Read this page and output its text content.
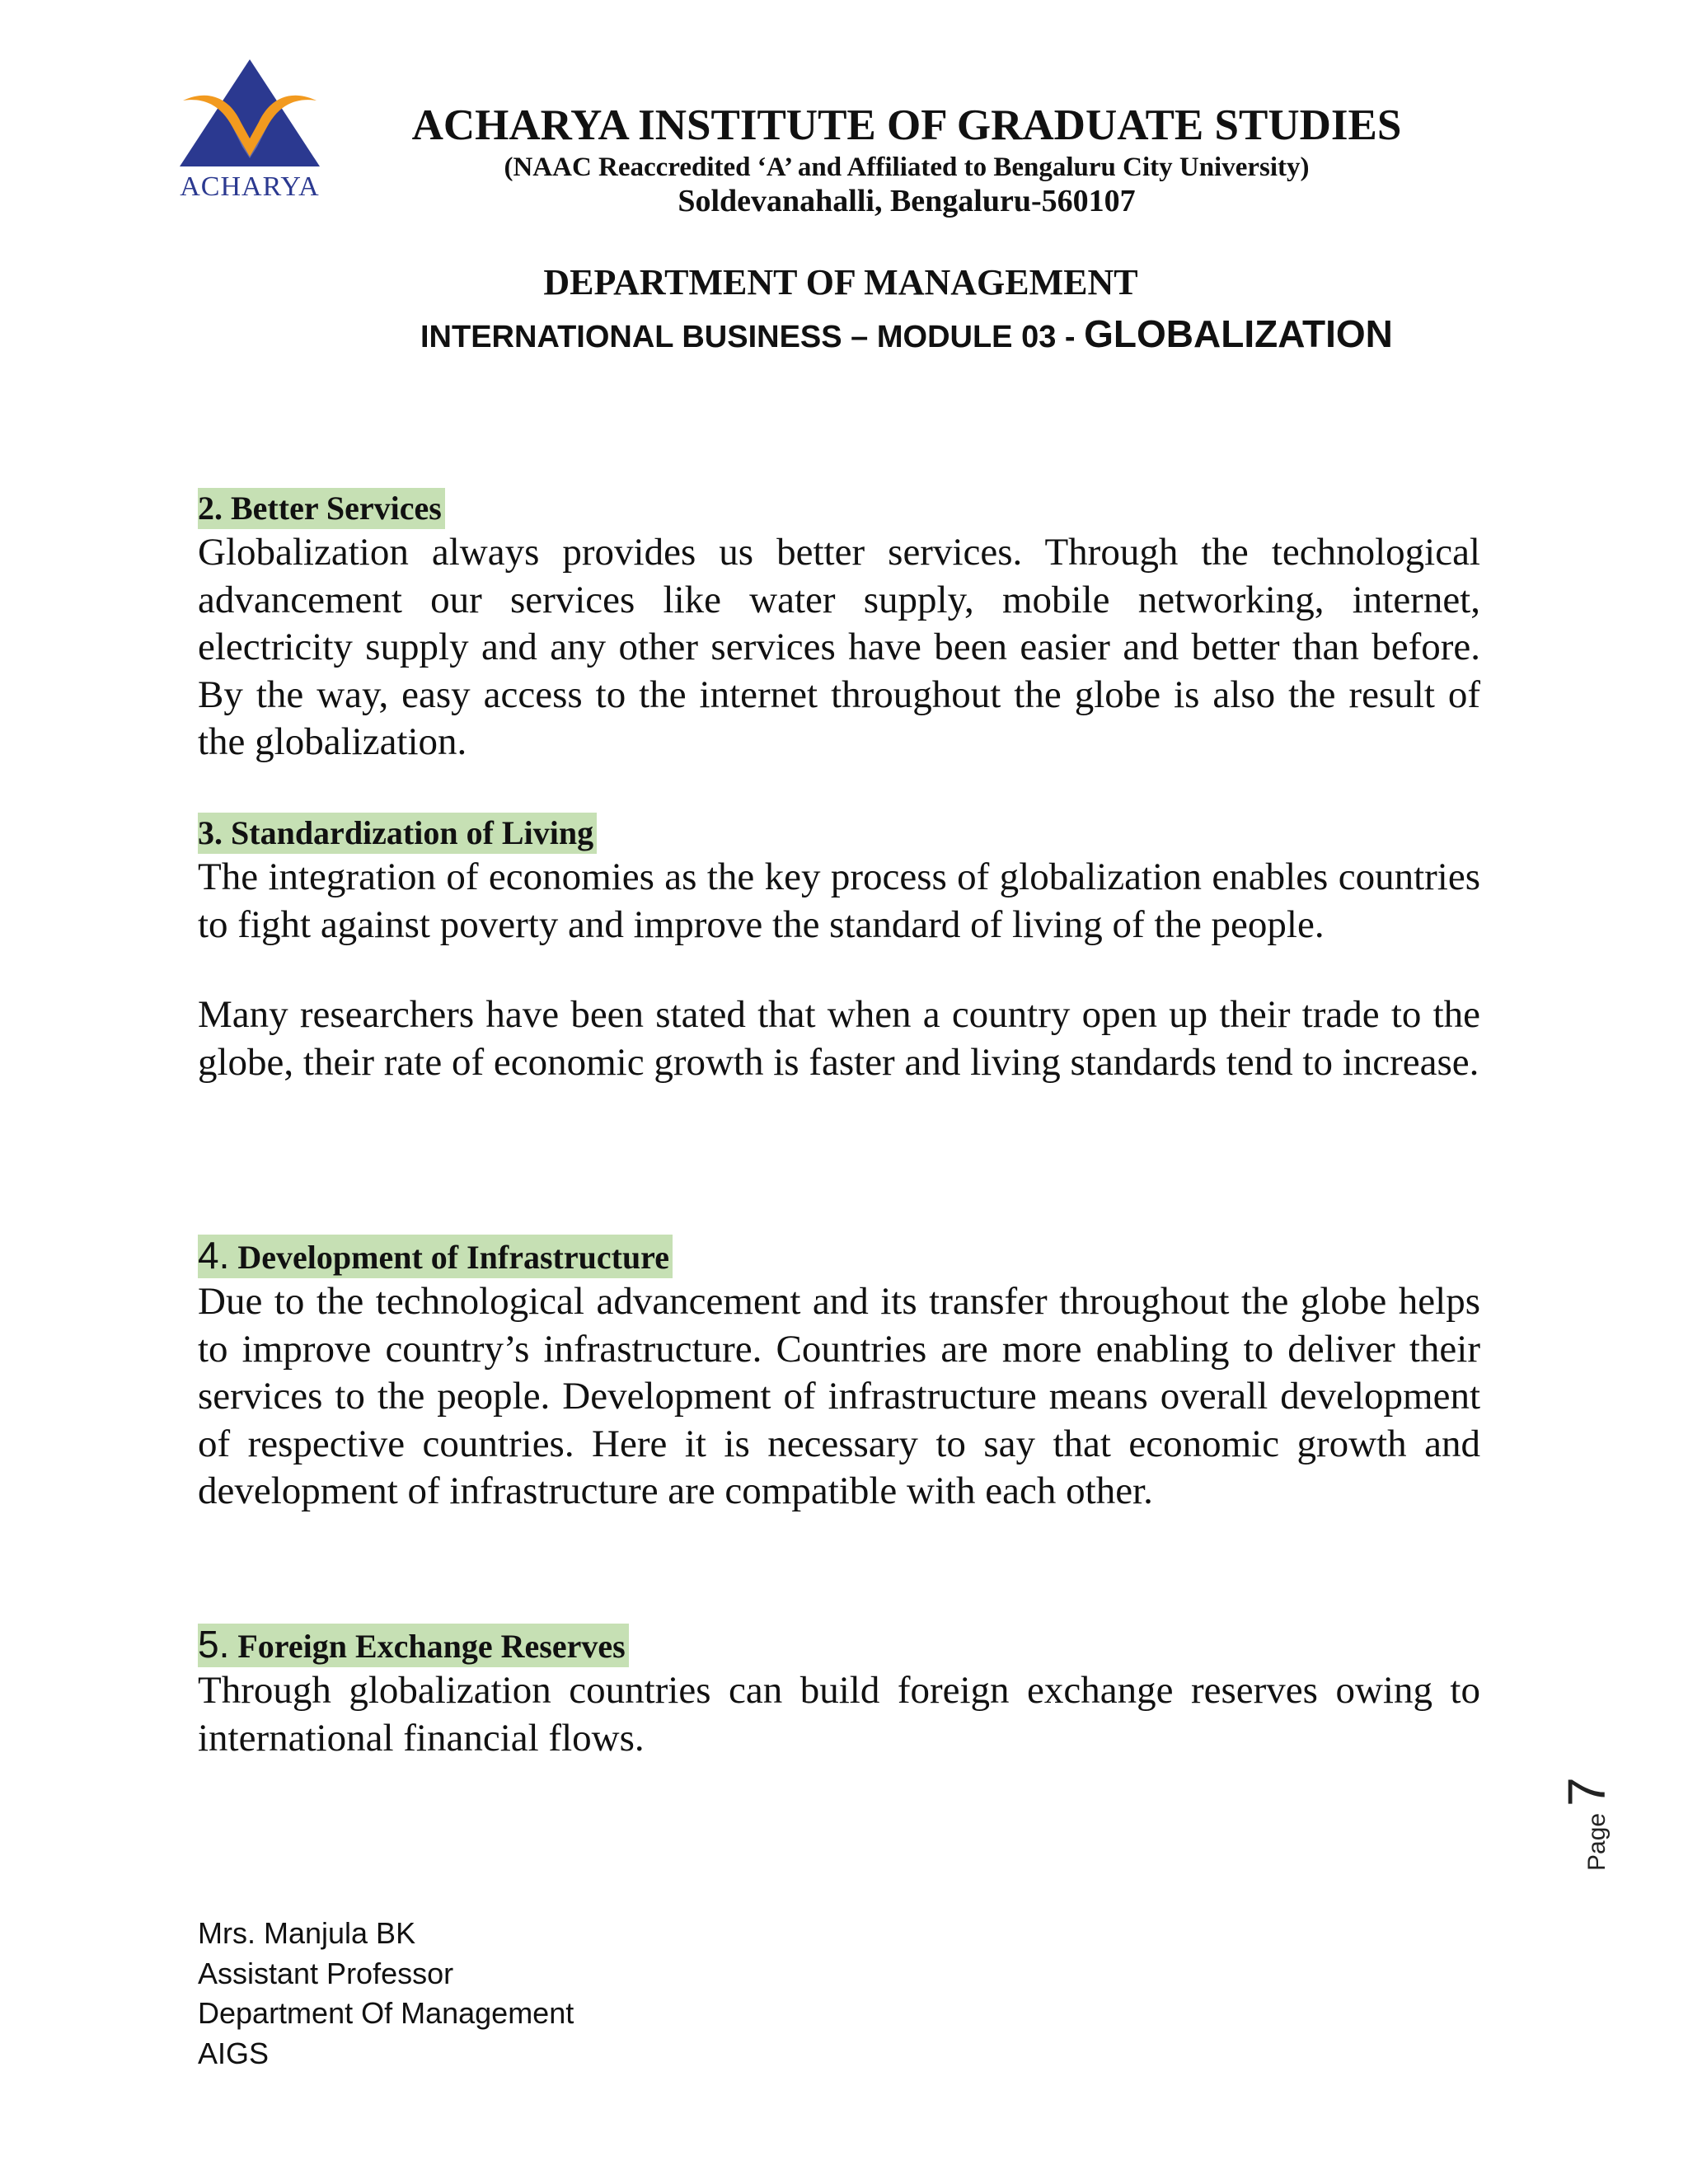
ACHARYA
ACHARYA INSTITUTE OF GRADUATE STUDIES
(NAAC Reaccredited ‘A’ and Affiliated to Bengaluru City University)
Soldevanahalli, Bengaluru-560107
DEPARTMENT OF MANAGEMENT
INTERNATIONAL BUSINESS – MODULE 03 - GLOBALIZATION
2. Better Services

Globalization always provides us better services. Through the technological advancement our services like water supply, mobile networking, internet, electricity supply and any other services have been easier and better than before. By the way, easy access to the internet throughout the globe is also the result of the globalization.

3. Standardization of Living

The integration of economies as the key process of globalization enables countries to fight against poverty and improve the standard of living of the people.

Many researchers have been stated that when a country open up their trade to the globe, their rate of economic growth is faster and living standards tend to increase.

4. Development of Infrastructure

Due to the technological advancement and its transfer throughout the globe helps to improve country’s infrastructure. Countries are more enabling to deliver their services to the people. Development of infrastructure means overall development of respective countries. Here it is necessary to say that economic growth and development of infrastructure are compatible with each other.

5. Foreign Exchange Reserves

Through globalization countries can build foreign exchange reserves owing to international financial flows.

Page7
Mrs. Manjula BK
Assistant Professor
Department Of Management
AIGS
